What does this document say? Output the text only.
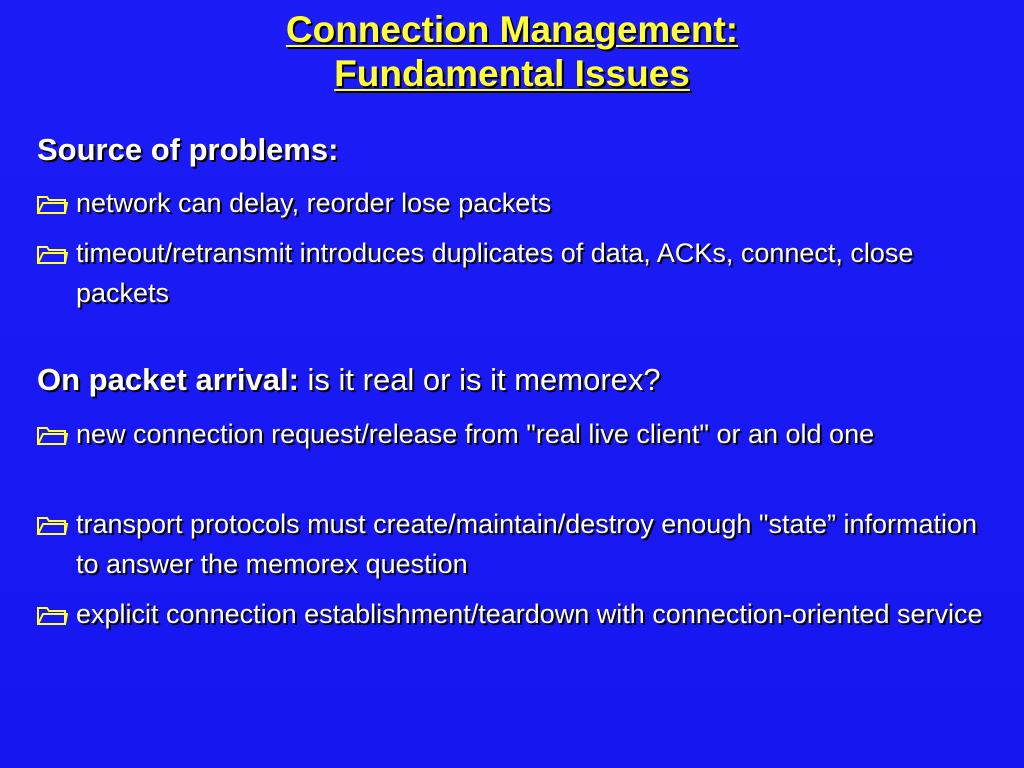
Connection Management:
Fundamental Issues
Source of problems:
network can delay, reorder lose packets
timeout/retransmit introduces duplicates of data, ACKs, connect, close packets
On packet arrival: is it real or is it memorex?
new connection request/release from "real live client" or an old one
transport protocols must create/maintain/destroy enough "state” information to answer the memorex question
explicit connection establishment/teardown with connection-oriented service
